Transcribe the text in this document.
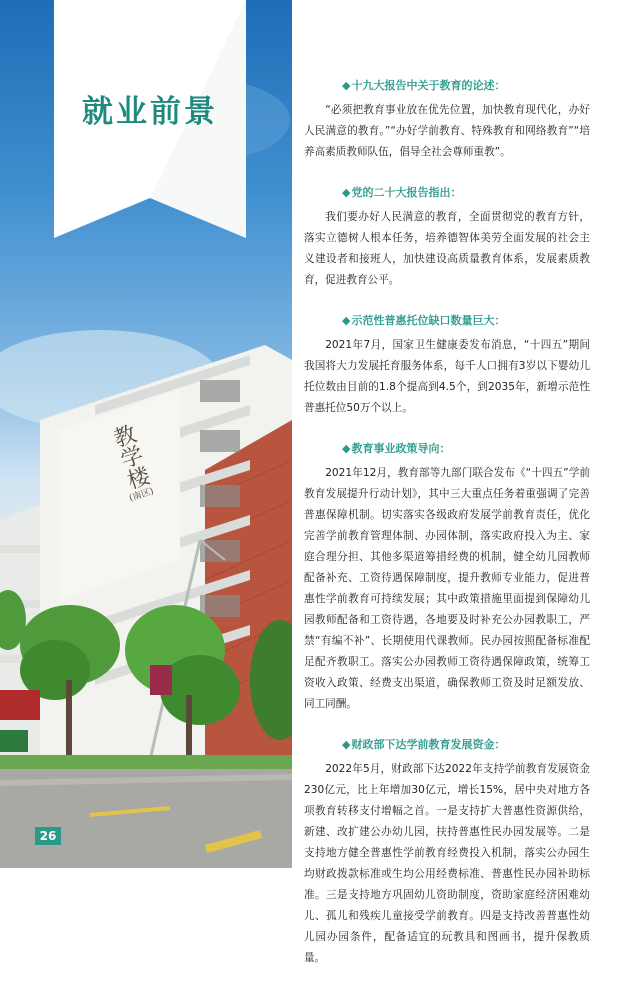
教学楼
(南区)
就业前景
26
◆十九大报告中关于教育的论述：

“必须把教育事业放在优先位置，加快教育现代化，办好人民满意的教育。”“办好学前教育、特殊教育和网络教育”“培养高素质教师队伍，倡导全社会尊师重教”。

◆党的二十大报告指出：

我们要办好人民满意的教育，全面贯彻党的教育方针，落实立德树人根本任务，培养德智体美劳全面发展的社会主义建设者和接班人，加快建设高质量教育体系，发展素质教育，促进教育公平。

◆示范性普惠托位缺口数量巨大：

2021年7月，国家卫生健康委发布消息，“十四五”期间我国将大力发展托育服务体系，每千人口拥有3岁以下婴幼儿托位数由目前的1.8个提高到4.5个，到2035年，新增示范性普惠托位50万个以上。

◆教育事业政策导向：

2021年12月，教育部等九部门联合发布《“十四五”学前教育发展提升行动计划》，其中三大重点任务着重强调了完善普惠保障机制。切实落实各级政府发展学前教育责任，优化完善学前教育管理体制、办园体制，落实政府投入为主、家庭合理分担、其他多渠道筹措经费的机制，健全幼儿园教师配备补充、工资待遇保障制度，提升教师专业能力，促进普惠性学前教育可持续发展；其中政策措施里面提到保障幼儿园教师配备和工资待遇，各地要及时补充公办园教职工，严禁“有编不补”、长期使用代课教师。民办园按照配备标准配足配齐教职工。落实公办园教师工资待遇保障政策，统筹工资收入政策、经费支出渠道，确保教师工资及时足额发放、同工同酬。

◆财政部下达学前教育发展资金：

2022年5月，财政部下达2022年支持学前教育发展资金230亿元，比上年增加30亿元，增长15%，居中央对地方各项教育转移支付增幅之首。一是支持扩大普惠性资源供给，新建、改扩建公办幼儿园，扶持普惠性民办园发展等。二是支持地方健全普惠性学前教育经费投入机制，落实公办园生均财政拨款标准或生均公用经费标准、普惠性民办园补助标准。三是支持地方巩固幼儿资助制度，资助家庭经济困难幼儿、孤儿和残疾儿童接受学前教育。四是支持改善普惠性幼儿园办园条件，配备适宜的玩教具和图画书，提升保教质量。
